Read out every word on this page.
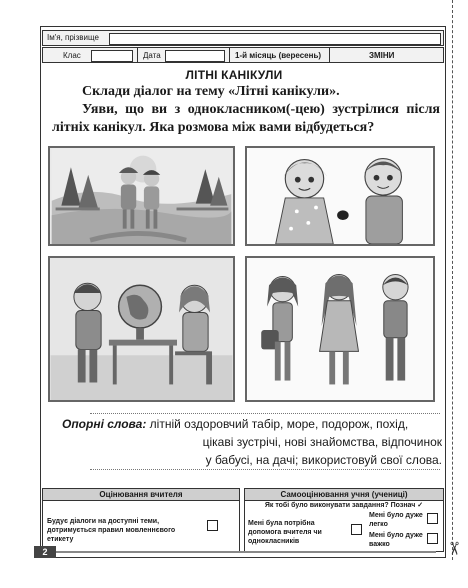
✂
Ім'я, прізвище
Клас	Дата	1-й місяць (вересень)	ЗМІНИ
ЛІТНІ КАНІКУЛИ
Склади діалог на тему «Літні канікули».
Уяви, що ви з однокласником(-цею) зустрілися після літніх канікул. Яка розмова між вами відбудеться?
Опорні слова: літній оздоровчий табір, море, подорож, похід,
цікаві зустрічі, нові знайомства, відпочинок
у бабусі, на дачі; використовуй свої слова.
Оцінювання вчителя
Будує діалоги на доступні теми, дотримується правил мовленнєвого етикету
Самооцінювання учня (учениці)
Як тобі було виконувати завдання? Познач ✓
Мені була потрібна допомога вчителя чи однокласників
Мені було дуже легко
Мені було дуже важко
2
